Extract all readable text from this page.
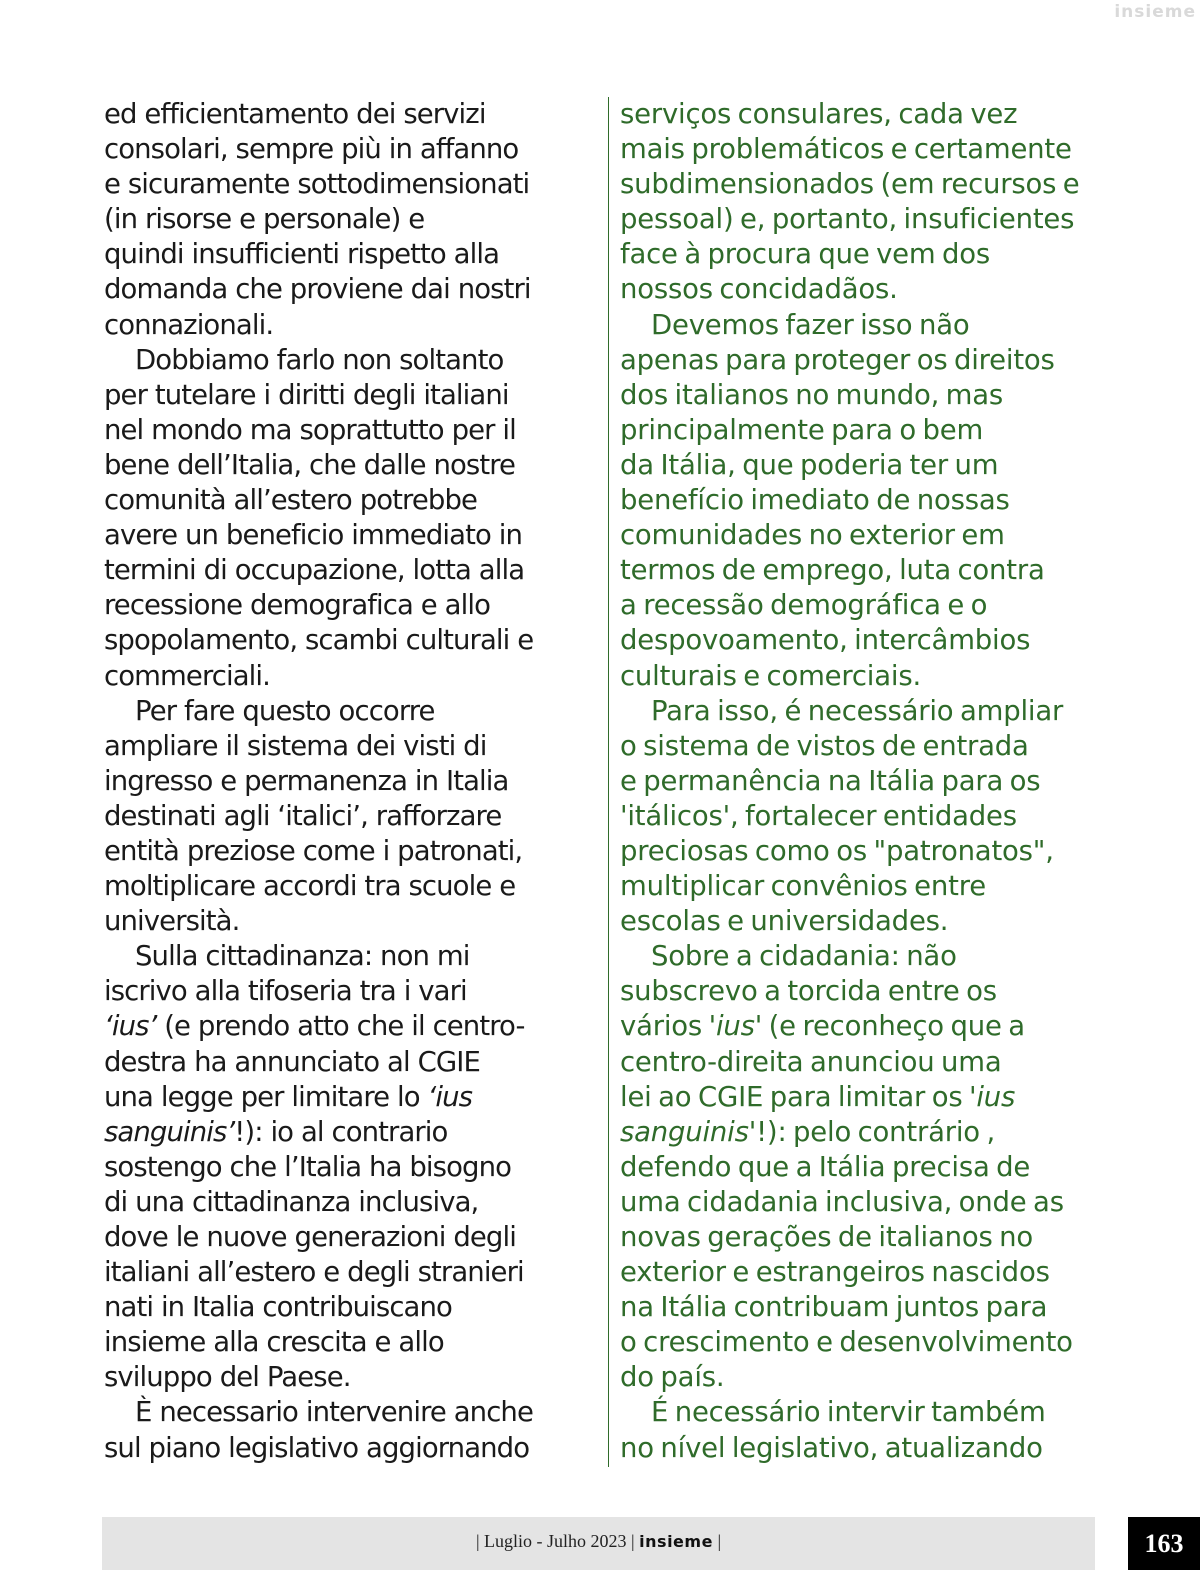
insieme

ed efficientamento dei servizi

consolari, sempre più in affanno

e sicuramente sottodimensionati

(in risorse e personale) e

quindi insufficienti rispetto alla

domanda che proviene dai nostri

connazionali.

Dobbiamo farlo non soltanto

per tutelare i diritti degli italiani

nel mondo ma soprattutto per il

bene dell’Italia, che dalle nostre

comunità all’estero potrebbe

avere un beneficio immediato in

termini di occupazione, lotta alla

recessione demografica e allo

spopolamento, scambi culturali e

commerciali.

Per fare questo occorre

ampliare il sistema dei visti di

ingresso e permanenza in Italia

destinati agli ‘italici’, rafforzare

entità preziose come i patronati,

moltiplicare accordi tra scuole e

università.

Sulla cittadinanza: non mi

iscrivo alla tifoseria tra i vari

‘ius’ (e prendo atto che il centro-

destra ha annunciato al CGIE

una legge per limitare lo ‘ius

sanguinis’!): io al contrario

sostengo che l’Italia ha bisogno

di una cittadinanza inclusiva,

dove le nuove generazioni degli

italiani all’estero e degli stranieri

nati in Italia contribuiscano

insieme alla crescita e allo

sviluppo del Paese.

È necessario intervenire anche

sul piano legislativo aggiornando

serviços consulares, cada vez

mais problemáticos e certamente

subdimensionados (em recursos e

pessoal) e, portanto, insuficientes

face à procura que vem dos

nossos concidadãos.

Devemos fazer isso não

apenas para proteger os direitos

dos italianos no mundo, mas

principalmente para o bem

da Itália, que poderia ter um

benefício imediato de nossas

comunidades no exterior em

termos de emprego, luta contra

a recessão demográfica e o

despovoamento, intercâmbios

culturais e comerciais.

Para isso, é necessário ampliar

o sistema de vistos de entrada

e permanência na Itália para os

'itálicos', fortalecer entidades

preciosas como os "patronatos",

multiplicar convênios entre

escolas e universidades.

Sobre a cidadania: não

subscrevo a torcida entre os

vários 'ius' (e reconheço que a

centro-direita anunciou uma

lei ao CGIE para limitar os 'ius

sanguinis'!): pelo contrário ,

defendo que a Itália precisa de

uma cidadania inclusiva, onde as

novas gerações de italianos no

exterior e estrangeiros nascidos

na Itália contribuam juntos para

o crescimento e desenvolvimento

do país.

É necessário intervir também

no nível legislativo, atualizando

| Luglio - Julho 2023 | insieme |	163
